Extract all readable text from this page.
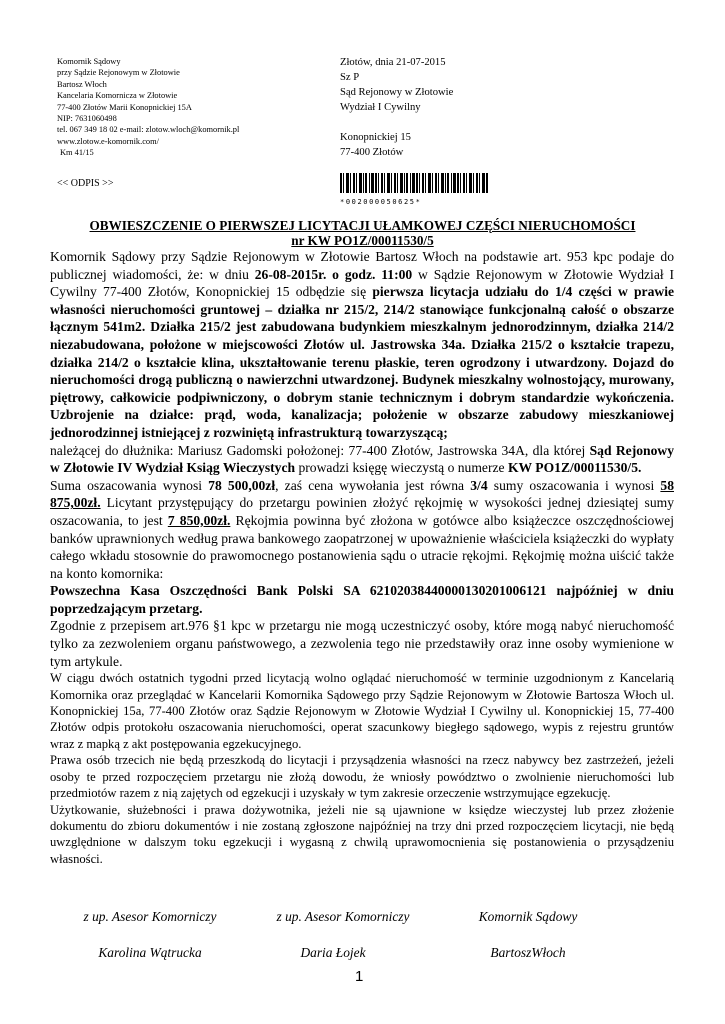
Komornik Sądowy
przy Sądzie Rejonowym w Złotowie
Bartosz Włoch
Kancelaria Komornicza w Złotowie
77-400 Złotów Marii Konopnickiej 15A
NIP: 7631060498
tel. 067 349 18 02 e-mail: zlotow.wloch@komornik.pl
www.zlotow.e-komornik.com/
Km 41/15
Złotów, dnia 21-07-2015
Sz P
Sąd Rejonowy w Złotowie
Wydział I Cywilny
Konopnickiej 15
77-400 Złotów
<< ODPIS >>
*002000050625*
OBWIESZCZENIE O PIERWSZEJ LICYTACJI UŁAMKOWEJ CZĘŚCI NIERUCHOMOŚCI
nr KW PO1Z/00011530/5

Komornik Sądowy przy Sądzie Rejonowym w Złotowie Bartosz Włoch na podstawie art. 953 kpc podaje do publicznej wiadomości, że: w dniu 26-08-2015r. o godz. 11:00 w Sądzie Rejonowym w Złotowie Wydział I Cywilny 77-400 Złotów, Konopnickiej 15 odbędzie się pierwsza licytacja udziału do 1/4 części w prawie własności nieruchomości gruntowej – działka nr 215/2, 214/2 stanowiące funkcjonalną całość o obszarze łącznym 541m2. Działka 215/2 jest zabudowana budynkiem mieszkalnym jednorodzinnym, działka 214/2 niezabudowana, położone w miejscowości Złotów ul. Jastrowska 34a. Działka 215/2 o kształcie trapezu, działka 214/2 o kształcie klina, ukształtowanie terenu płaskie, teren ogrodzony i utwardzony. Dojazd do nieruchomości drogą publiczną o nawierzchni utwardzonej. Budynek mieszkalny wolnostojący, murowany, piętrowy, całkowicie podpiwniczony, o dobrym stanie technicznym i dobrym standardzie wykończenia. Uzbrojenie na działce: prąd, woda, kanalizacja; położenie w obszarze zabudowy mieszkaniowej jednorodzinnej istniejącej z rozwiniętą infrastrukturą towarzyszącą;

należącej do dłużnika: Mariusz Gadomski położonej: 77-400 Złotów, Jastrowska 34A, dla której Sąd Rejonowy w Złotowie IV Wydział Ksiąg Wieczystych prowadzi księgę wieczystą o numerze KW PO1Z/00011530/5.

Suma oszacowania wynosi 78 500,00zł, zaś cena wywołania jest równa 3/4 sumy oszacowania i wynosi 58 875,00zł. Licytant przystępujący do przetargu powinien złożyć rękojmię w wysokości jednej dziesiątej sumy oszacowania, to jest 7 850,00zł. Rękojmia powinna być złożona w gotówce albo książeczce oszczędnościowej banków uprawnionych według prawa bankowego zaopatrzonej w upoważnienie właściciela książeczki do wypłaty całego wkładu stosownie do prawomocnego postanowienia sądu o utracie rękojmi. Rękojmię można uiścić także na konto komornika:

Powszechna Kasa Oszczędności Bank Polski SA 62102038440000130201006121 najpóźniej w dniu poprzedzającym przetarg.

Zgodnie z przepisem art.976 §1 kpc w przetargu nie mogą uczestniczyć osoby, które mogą nabyć nieruchomość tylko za zezwoleniem organu państwowego, a zezwolenia tego nie przedstawiły oraz inne osoby wymienione w tym artykule.

W ciągu dwóch ostatnich tygodni przed licytacją wolno oglądać nieruchomość w terminie uzgodnionym z Kancelarią Komornika oraz przeglądać w Kancelarii Komornika Sądowego przy Sądzie Rejonowym w Złotowie Bartosza Włoch ul. Konopnickiej 15a, 77-400 Złotów oraz Sądzie Rejonowym w Złotowie Wydział I Cywilny ul. Konopnickiej 15, 77-400 Złotów odpis protokołu oszacowania nieruchomości, operat szacunkowy biegłego sądowego, wypis z rejestru gruntów wraz z mapką z akt postępowania egzekucyjnego.

Prawa osób trzecich nie będą przeszkodą do licytacji i przysądzenia własności na rzecz nabywcy bez zastrzeżeń, jeżeli osoby te przed rozpoczęciem przetargu nie złożą dowodu, że wniosły powództwo o zwolnienie nieruchomości lub przedmiotów razem z nią zajętych od egzekucji i uzyskały w tym zakresie orzeczenie wstrzymujące egzekucję.

Użytkowanie, służebności i prawa dożywotnika, jeżeli nie są ujawnione w księdze wieczystej lub przez złożenie dokumentu do zbioru dokumentów i nie zostaną zgłoszone najpóźniej na trzy dni przed rozpoczęciem licytacji, nie będą uwzględnione w dalszym toku egzekucji i wygasną z chwilą uprawomocnienia się postanowienia o przysądzeniu własności.

z up. Asesor Komorniczy	z up. Asesor Komorniczy	Komornik Sądowy
Karolina Wątrucka	Daria Łojek	BartoszWłoch
1
